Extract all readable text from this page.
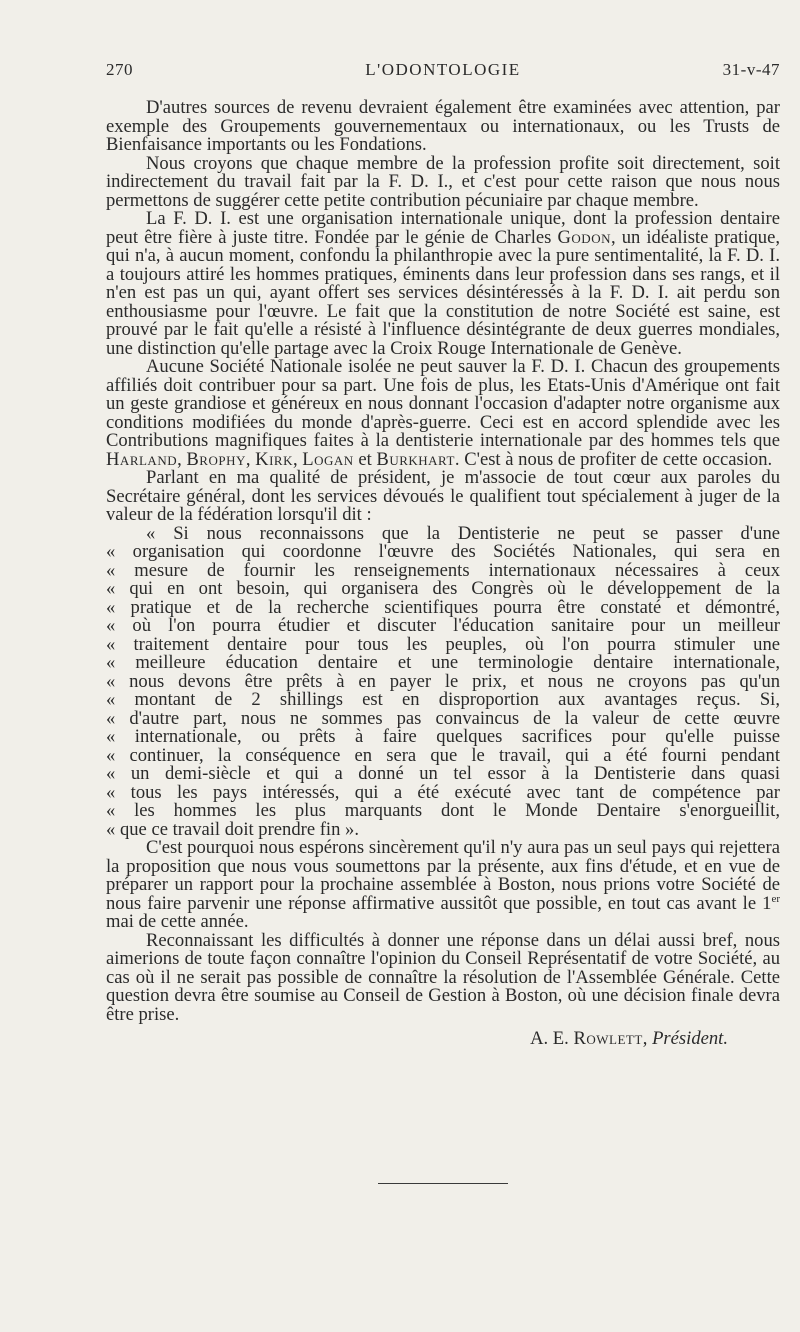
270	L'ODONTOLOGIE	31-v-47

D'autres sources de revenu devraient également être examinées avec attention, par exemple des Groupements gouvernementaux ou internationaux, ou les Trusts de Bienfaisance importants ou les Fondations.

Nous croyons que chaque membre de la profession profite soit directement, soit indirectement du travail fait par la F. D. I., et c'est pour cette raison que nous nous permettons de suggérer cette petite contribution pécuniaire par chaque membre.

La F. D. I. est une organisation internationale unique, dont la profession dentaire peut être fière à juste titre. Fondée par le génie de Charles Godon, un idéaliste pratique, qui n'a, à aucun moment, confondu la philanthropie avec la pure sentimentalité, la F. D. I. a toujours attiré les hommes pratiques, éminents dans leur profession dans ses rangs, et il n'en est pas un qui, ayant offert ses services désintéressés à la F. D. I. ait perdu son enthousiasme pour l'œuvre. Le fait que la constitution de notre Société est saine, est prouvé par le fait qu'elle a résisté à l'influence désintégrante de deux guerres mondiales, une distinction qu'elle partage avec la Croix Rouge Internationale de Genève.

Aucune Société Nationale isolée ne peut sauver la F. D. I. Chacun des groupements affiliés doit contribuer pour sa part. Une fois de plus, les Etats-Unis d'Amérique ont fait un geste grandiose et généreux en nous donnant l'occasion d'adapter notre organisme aux conditions modifiées du monde d'après-guerre. Ceci est en accord splendide avec les Contributions magnifiques faites à la dentisterie internationale par des hommes tels que Harland, Brophy, Kirk, Logan et Burkhart. C'est à nous de profiter de cette occasion.

Parlant en ma qualité de président, je m'associe de tout cœur aux paroles du Secrétaire général, dont les services dévoués le qualifient tout spécialement à juger de la valeur de la fédération lorsqu'il dit :

« Si nous reconnaissons que la Dentisterie ne peut se passer d'une
« organisation qui coordonne l'œuvre des Sociétés Nationales, qui sera en
« mesure de fournir les renseignements internationaux nécessaires à ceux
« qui en ont besoin, qui organisera des Congrès où le développement de la
« pratique et de la recherche scientifiques pourra être constaté et démontré,
« où l'on pourra étudier et discuter l'éducation sanitaire pour un meilleur
« traitement dentaire pour tous les peuples, où l'on pourra stimuler une
« meilleure éducation dentaire et une terminologie dentaire internationale,
« nous devons être prêts à en payer le prix, et nous ne croyons pas qu'un
« montant de 2 shillings est en disproportion aux avantages reçus. Si,
« d'autre part, nous ne sommes pas convaincus de la valeur de cette œuvre
« internationale, ou prêts à faire quelques sacrifices pour qu'elle puisse
« continuer, la conséquence en sera que le travail, qui a été fourni pendant
« un demi-siècle et qui a donné un tel essor à la Dentisterie dans quasi
« tous les pays intéressés, qui a été exécuté avec tant de compétence par
« les hommes les plus marquants dont le Monde Dentaire s'enorgueillit,
« que ce travail doit prendre fin ».

C'est pourquoi nous espérons sincèrement qu'il n'y aura pas un seul pays qui rejettera la proposition que nous vous soumettons par la présente, aux fins d'étude, et en vue de préparer un rapport pour la prochaine assemblée à Boston, nous prions votre Société de nous faire parvenir une réponse affirmative aussitôt que possible, en tout cas avant le 1er mai de cette année.

Reconnaissant les difficultés à donner une réponse dans un délai aussi bref, nous aimerions de toute façon connaître l'opinion du Conseil Représentatif de votre Société, au cas où il ne serait pas possible de connaître la résolution de l'Assemblée Générale. Cette question devra être soumise au Conseil de Gestion à Boston, où une décision finale devra être prise.

A. E. Rowlett, Président.
